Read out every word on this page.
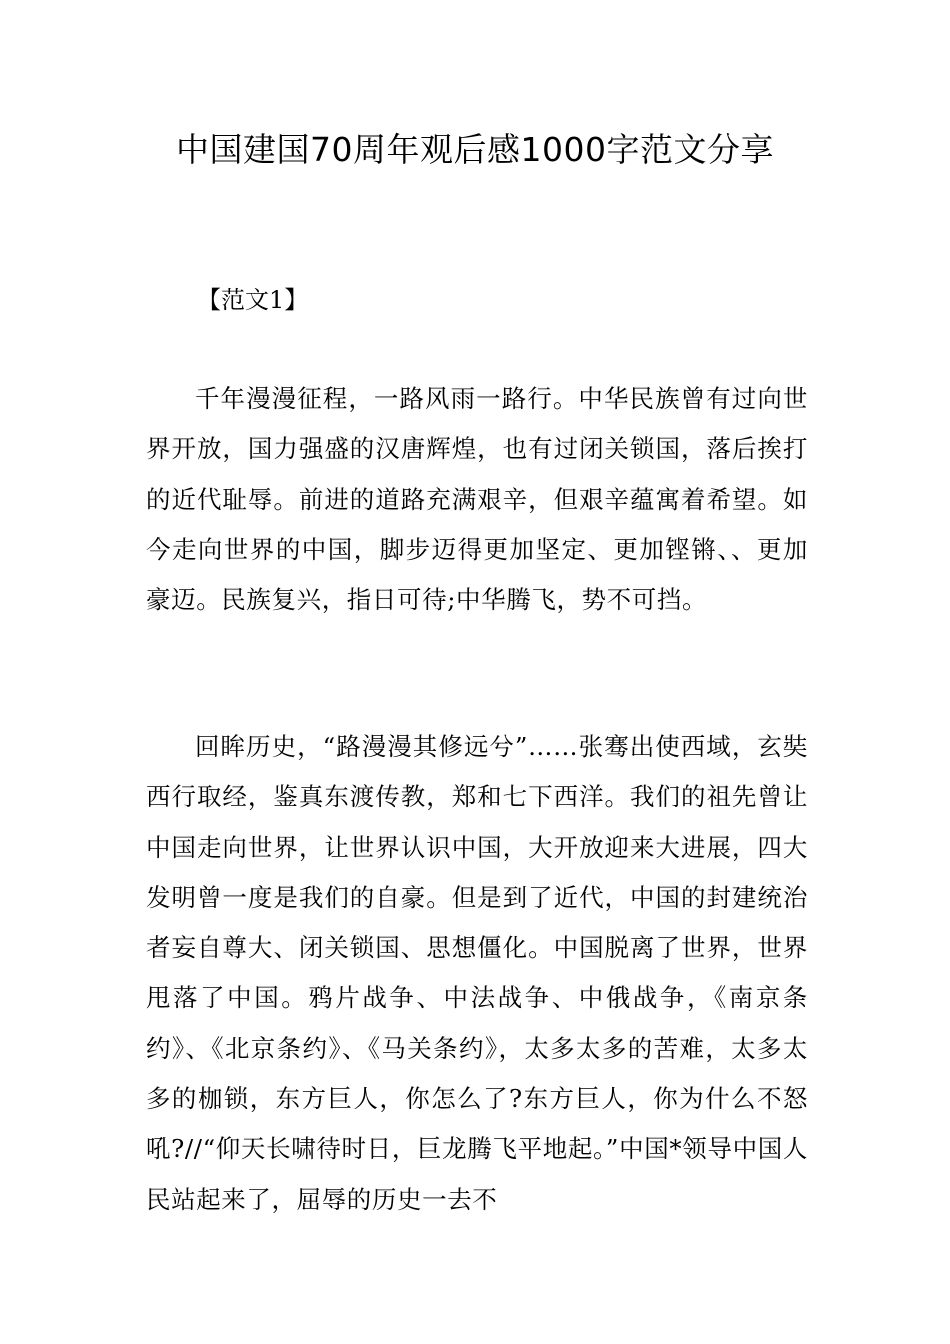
中国建国70周年观后感1000字范文分享

【范文1】

千年漫漫征程，一路风雨一路行。中华民族曾有过向世界开放，国力强盛的汉唐辉煌，也有过闭关锁国，落后挨打的近代耻辱。前进的道路充满艰辛，但艰辛蕴寓着希望。如今走向世界的中国，脚步迈得更加坚定、更加铿锵、、更加豪迈。民族复兴，指日可待;中华腾飞，势不可挡。

回眸历史，“路漫漫其修远兮”……张骞出使西域，玄奘西行取经，鉴真东渡传教，郑和七下西洋。我们的祖先曾让中国走向世界，让世界认识中国，大开放迎来大进展，四大发明曾一度是我们的自豪。但是到了近代，中国的封建统治者妄自尊大、闭关锁国、思想僵化。中国脱离了世界，世界甩落了中国。鸦片战争、中法战争、中俄战争，《南京条约》、《北京条约》、《马关条约》，太多太多的苦难，太多太多的枷锁，东方巨人，你怎么了?东方巨人，你为什么不怒吼?//“仰天长啸待时日，巨龙腾飞平地起。”中国*领导中国人民站起来了，屈辱的历史一去不
